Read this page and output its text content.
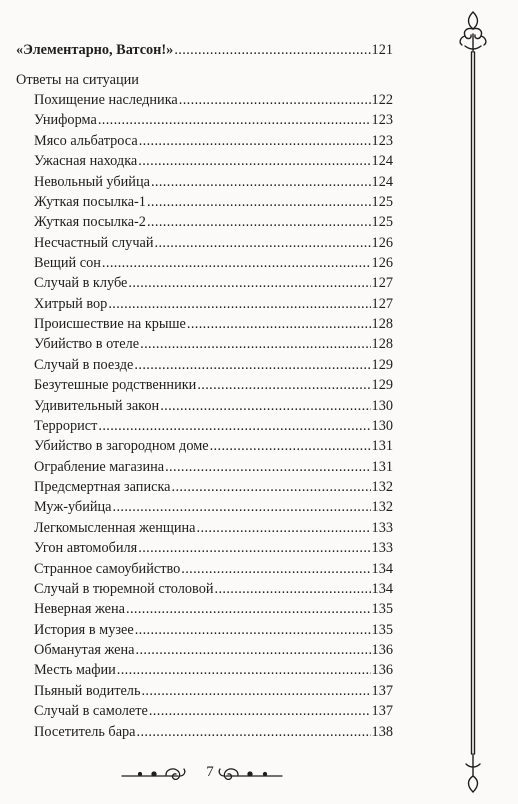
«Элементарно, Ватсон!» . . .	121
Ответы на ситуации
Похищение наследника . . .	122
Униформа . . .	123
Мясо альбатроса . . .	123
Ужасная находка . . .	124
Невольный убийца . . .	124
Жуткая посылка-1 . . .	125
Жуткая посылка-2 . . .	125
Несчастный случай . . .	126
Вещий сон . . .	126
Случай в клубе . . .	127
Хитрый вор . . .	127
Происшествие на крыше . . .	128
Убийство в отеле . . .	128
Случай в поезде . . .	129
Безутешные родственники . . .	129
Удивительный закон . . .	130
Террорист . . .	130
Убийство в загородном доме . . .	131
Ограбление магазина . . .	131
Предсмертная записка . . .	132
Муж-убийца . . .	132
Легкомысленная женщина . . .	133
Угон автомобиля . . .	133
Странное самоубийство . . .	134
Случай в тюремной столовой . . .	134
Неверная жена . . .	135
История в музее . . .	135
Обманутая жена . . .	136
Месть мафии . . .	136
Пьяный водитель . . .	137
Случай в самолете . . .	137
Посетитель бара . . .	138
7
